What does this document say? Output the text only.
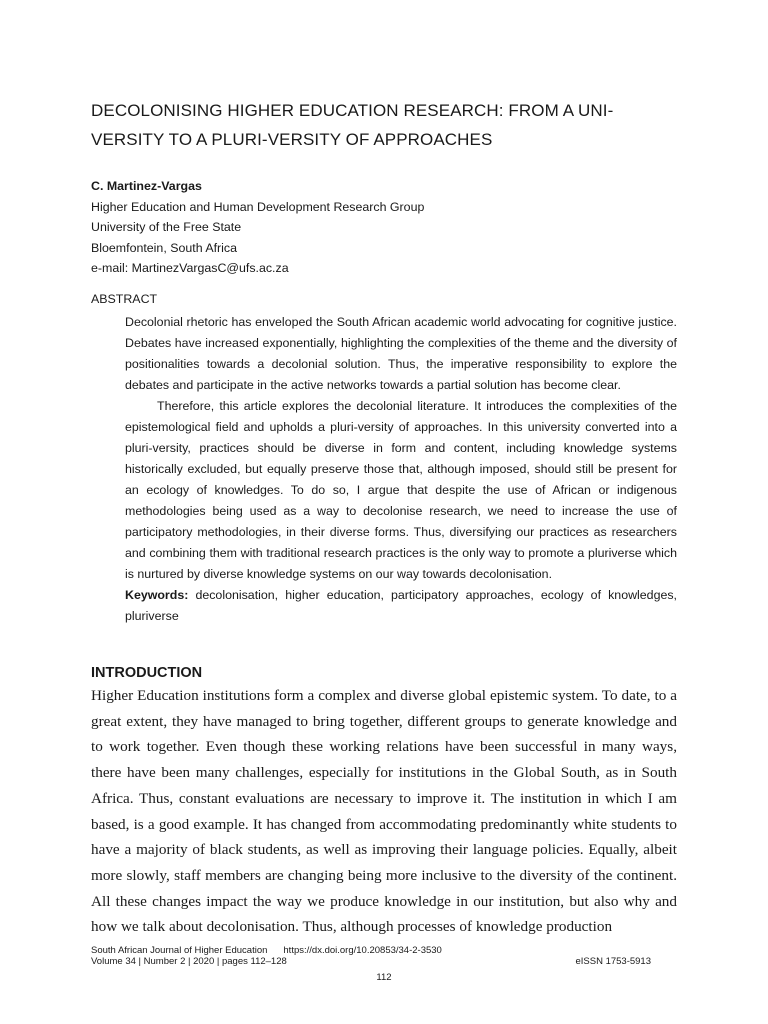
DECOLONISING HIGHER EDUCATION RESEARCH: FROM A UNI-VERSITY TO A PLURI-VERSITY OF APPROACHES
C. Martinez-Vargas
Higher Education and Human Development Research Group
University of the Free State
Bloemfontein, South Africa
e-mail: MartinezVargasC@ufs.ac.za
ABSTRACT

Decolonial rhetoric has enveloped the South African academic world advocating for cognitive justice. Debates have increased exponentially, highlighting the complexities of the theme and the diversity of positionalities towards a decolonial solution. Thus, the imperative responsibility to explore the debates and participate in the active networks towards a partial solution has become clear.

Therefore, this article explores the decolonial literature. It introduces the complexities of the epistemological field and upholds a pluri-versity of approaches. In this university converted into a pluri-versity, practices should be diverse in form and content, including knowledge systems historically excluded, but equally preserve those that, although imposed, should still be present for an ecology of knowledges. To do so, I argue that despite the use of African or indigenous methodologies being used as a way to decolonise research, we need to increase the use of participatory methodologies, in their diverse forms. Thus, diversifying our practices as researchers and combining them with traditional research practices is the only way to promote a pluriverse which is nurtured by diverse knowledge systems on our way towards decolonisation.

Keywords: decolonisation, higher education, participatory approaches, ecology of knowledges, pluriverse

INTRODUCTION

Higher Education institutions form a complex and diverse global epistemic system. To date, to a great extent, they have managed to bring together, different groups to generate knowledge and to work together. Even though these working relations have been successful in many ways, there have been many challenges, especially for institutions in the Global South, as in South Africa. Thus, constant evaluations are necessary to improve it. The institution in which I am based, is a good example. It has changed from accommodating predominantly white students to have a majority of black students, as well as improving their language policies. Equally, albeit more slowly, staff members are changing being more inclusive to the diversity of the continent. All these changes impact the way we produce knowledge in our institution, but also why and how we talk about decolonisation. Thus, although processes of knowledge production

South African Journal of Higher Education https://dx.doi.org/10.20853/34-2-3530
Volume 34 | Number 2 | 2020 | pages 112–128	eISSN 1753-5913
112
